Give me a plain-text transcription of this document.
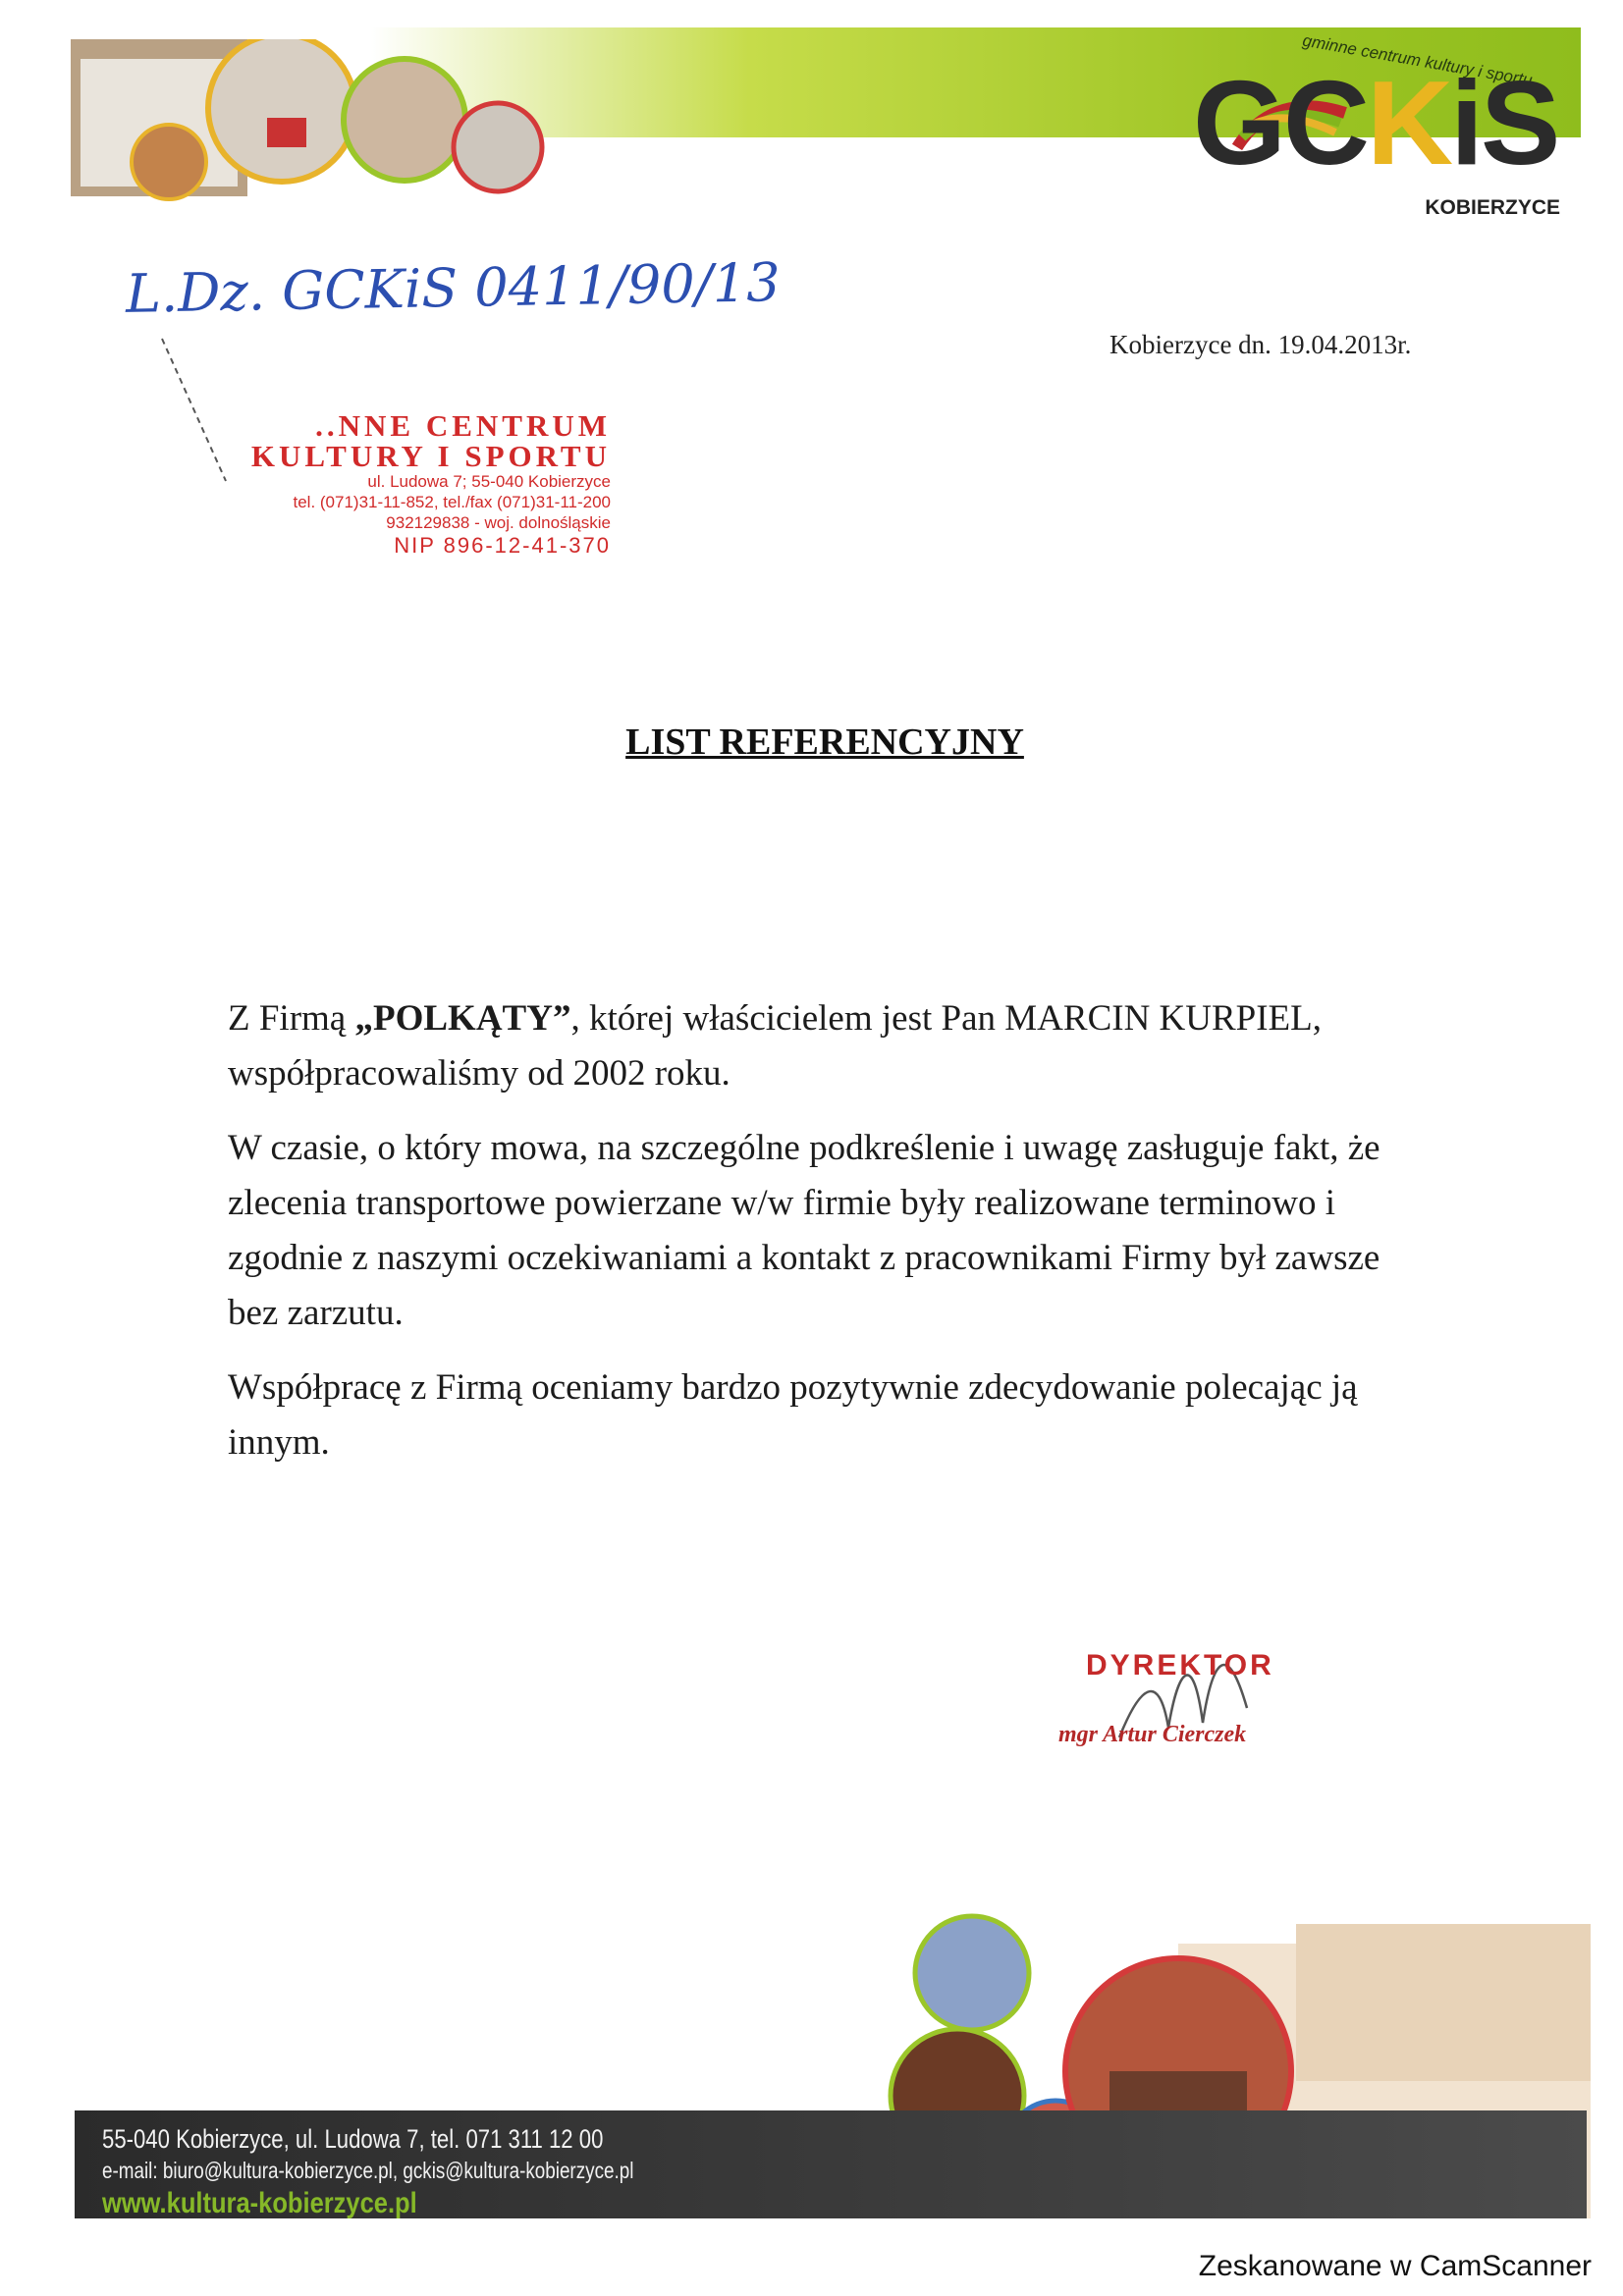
gminne centrum kultury i sportu
GCKiS
KOBIERZYCE
L.Dz. GCKiS 0411/90/13
Kobierzyce dn. 19.04.2013r.
..NNE CENTRUM
KULTURY I SPORTU
ul. Ludowa 7; 55-040 Kobierzyce
tel. (071)31-11-852, tel./fax (071)31-11-200
932129838 - woj. dolnośląskie
NIP 896-12-41-370
LIST REFERENCYJNY

Z Firmą „POLKĄTY”, której właścicielem jest Pan MARCIN KURPIEL, współpracowaliśmy od 2002 roku.

W czasie, o który mowa, na szczególne podkreślenie i uwagę zasługuje fakt, że zlecenia transportowe powierzane w/w firmie były realizowane terminowo i zgodnie z naszymi oczekiwaniami a kontakt z pracownikami Firmy był zawsze bez zarzutu.

Współpracę z Firmą oceniamy bardzo pozytywnie zdecydowanie polecając ją innym.

DYREKTOR
mgr Artur Cierczek
55-040 Kobierzyce, ul. Ludowa 7, tel. 071 311 12 00
e-mail: biuro@kultura-kobierzyce.pl, gckis@kultura-kobierzyce.pl
www.kultura-kobierzyce.pl
Zeskanowane w CamScanner
